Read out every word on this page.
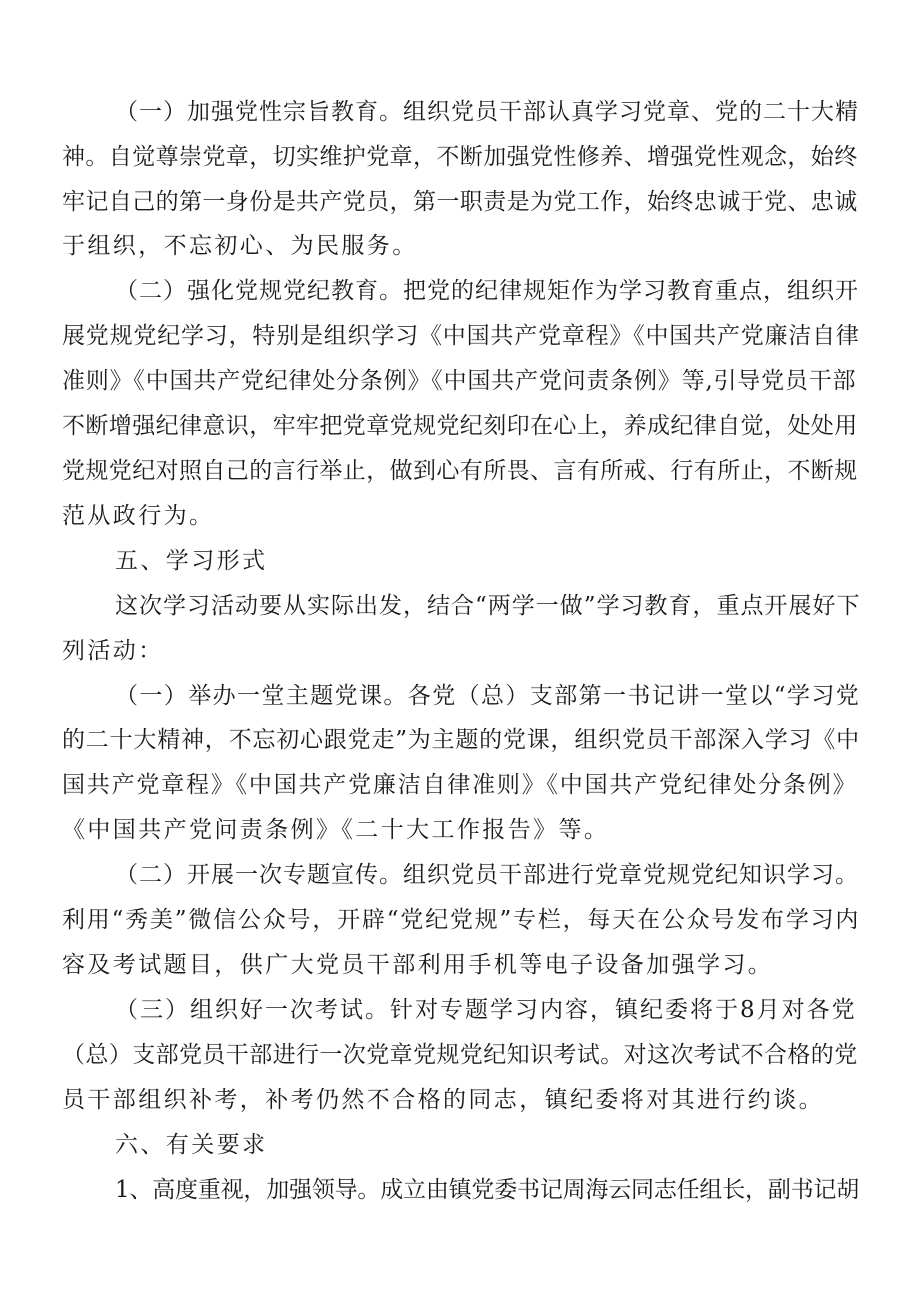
（一）加强党性宗旨教育。组织党员干部认真学习党章、党的二十大精
神。自觉尊崇党章，切实维护党章，不断加强党性修养、增强党性观念，始终
牢记自己的第一身份是共产党员，第一职责是为党工作，始终忠诚于党、忠诚
于组织，不忘初心、为民服务。
（二）强化党规党纪教育。把党的纪律规矩作为学习教育重点，组织开
展党规党纪学习，特别是组织学习《中国共产党章程》《中国共产党廉洁自律
准则》《中国共产党纪律处分条例》《中国共产党问责条例》等,引导党员干部
不断增强纪律意识，牢牢把党章党规党纪刻印在心上，养成纪律自觉，处处用
党规党纪对照自己的言行举止，做到心有所畏、言有所戒、行有所止，不断规
范从政行为。
五、学习形式
这次学习活动要从实际出发，结合“两学一做”学习教育，重点开展好下
列活动：
（一）举办一堂主题党课。各党（总）支部第一书记讲一堂以“学习党
的二十大精神，不忘初心跟党走”为主题的党课，组织党员干部深入学习《中
国共产党章程》《中国共产党廉洁自律准则》《中国共产党纪律处分条例》
《中国共产党问责条例》《二十大工作报告》等。
（二）开展一次专题宣传。组织党员干部进行党章党规党纪知识学习。
利用“秀美”微信公众号，开辟“党纪党规”专栏，每天在公众号发布学习内
容及考试题目，供广大党员干部利用手机等电子设备加强学习。
（三）组织好一次考试。针对专题学习内容，镇纪委将于8月对各党
（总）支部党员干部进行一次党章党规党纪知识考试。对这次考试不合格的党
员干部组织补考，补考仍然不合格的同志，镇纪委将对其进行约谈。
六、有关要求
1、高度重视，加强领导。成立由镇党委书记周海云同志任组长，副书记胡
